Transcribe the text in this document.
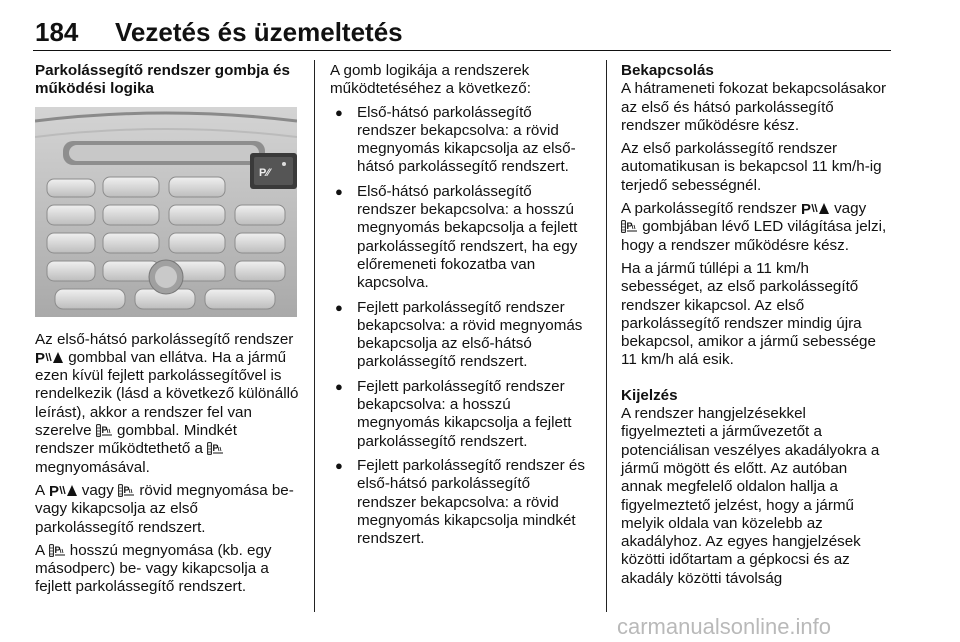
184 Vezetés és üzemeltetés

Parkolássegítő rendszer gombja és működési logika

P⁄⁄

Az első-hátsó parkolássegítő rendszer  gombbal van ellátva. Ha a jármű ezen kívül fejlett parkolássegítővel is rendelkezik (lásd a következő különálló leírást), akkor a rendszer fel van szerelve gombbal. Mindkét rendszer működtethető a  megnyomásával.

A vagy rövid megnyomása be- vagy kikapcsolja az első parkolássegítő rendszert.

A hosszú megnyomása (kb. egy másodperc) be- vagy kikapcsolja a fejlett parkolássegítő rendszert.

A gomb logikája a rendszerek működtetéséhez a következő:

● Első-hátsó parkolássegítő rendszer bekapcsolva: a rövid megnyomás kikapcsolja az első-hátsó parkolássegítő rendszert.
● Első-hátsó parkolássegítő rendszer bekapcsolva: a hosszú megnyomás bekapcsolja a fejlett parkolássegítő rendszert, ha egy előremeneti fokozatba van kapcsolva.
● Fejlett parkolássegítő rendszer bekapcsolva: a rövid megnyomás bekapcsolja az első-hátsó parkolássegítő rendszert.
● Fejlett parkolássegítő rendszer bekapcsolva: a hosszú megnyomás kikapcsolja a fejlett parkolássegítő rendszert.
● Fejlett parkolássegítő rendszer és első-hátsó parkolássegítő rendszer bekapcsolva: a rövid megnyomás kikapcsolja mindkét rendszert.

Bekapcsolás

A hátrameneti fokozat bekapcsolásakor az első és hátsó parkolássegítő rendszer működésre kész.

Az első parkolássegítő rendszer automatikusan is bekapcsol 11 km/h-ig terjedő sebességnél.

A parkolássegítő rendszer vagy  gombjában lévő LED világítása jelzi, hogy a rendszer működésre kész.

Ha a jármű túllépi a 11 km/h sebességet, az első parkolássegítő rendszer kikapcsol. Az első parkolássegítő rendszer mindig újra bekapcsol, amikor a jármű sebessége 11 km/h alá esik.

Kijelzés

A rendszer hangjelzésekkel figyelmezteti a járművezetőt a potenciálisan veszélyes akadályokra a jármű mögött és előtt. Az autóban annak megfelelő oldalon hallja a figyelmeztető jelzést, hogy a jármű melyik oldala van közelebb az akadályhoz. Az egyes hangjelzések közötti időtartam a gépkocsi és az akadály közötti távolság

carmanualsonline.info
